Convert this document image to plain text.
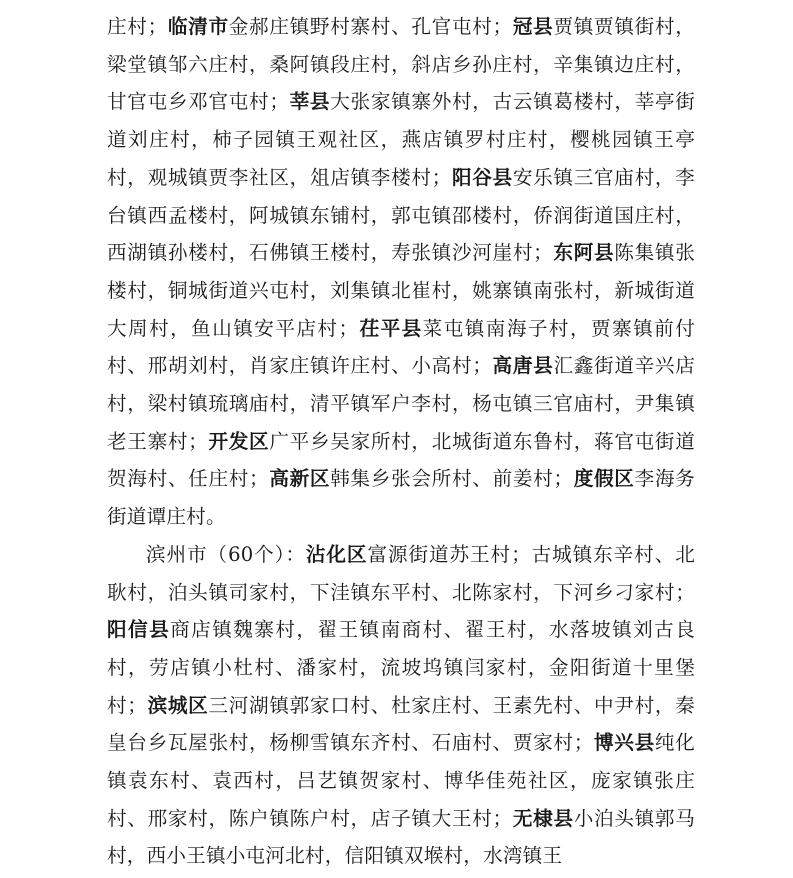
庄村；临清市金郝庄镇野村寨村、孔官屯村；冠县贾镇贾镇街村，梁堂镇邹六庄村，桑阿镇段庄村，斜店乡孙庄村，辛集镇边庄村，甘官屯乡邓官屯村；莘县大张家镇寨外村，古云镇葛楼村，莘亭街道刘庄村，柿子园镇王观社区，燕店镇罗村庄村，樱桃园镇王亭村，观城镇贾李社区，俎店镇李楼村；阳谷县安乐镇三官庙村，李台镇西孟楼村，阿城镇东铺村，郭屯镇邵楼村，侨润街道国庄村，西湖镇孙楼村，石佛镇王楼村，寿张镇沙河崖村；东阿县陈集镇张楼村，铜城街道兴屯村，刘集镇北崔村，姚寨镇南张村，新城街道大周村，鱼山镇安平店村；茌平县菜屯镇南海子村，贾寨镇前付村、邢胡刘村，肖家庄镇许庄村、小高村；高唐县汇鑫街道辛兴店村，梁村镇琉璃庙村，清平镇军户李村，杨屯镇三官庙村，尹集镇老王寨村；开发区广平乡吴家所村，北城街道东鲁村，蒋官屯街道贺海村、任庄村；高新区韩集乡张会所村、前姜村；度假区李海务街道谭庄村。

滨州市（60个）：沾化区富源街道苏王村；古城镇东辛村、北耿村，泊头镇司家村，下洼镇东平村、北陈家村，下河乡刁家村；阳信县商店镇魏寨村，翟王镇南商村、翟王村，水落坡镇刘古良村，劳店镇小杜村、潘家村，流坡坞镇闫家村，金阳街道十里堡村；滨城区三河湖镇郭家口村、杜家庄村、王素先村、中尹村，秦皇台乡瓦屋张村，杨柳雪镇东齐村、石庙村、贾家村；博兴县纯化镇袁东村、袁西村，吕艺镇贺家村、博华佳苑社区，庞家镇张庄村、邢家村，陈户镇陈户村，店子镇大王村；无棣县小泊头镇郭马村，西小王镇小屯河北村，信阳镇双堠村，水湾镇王
